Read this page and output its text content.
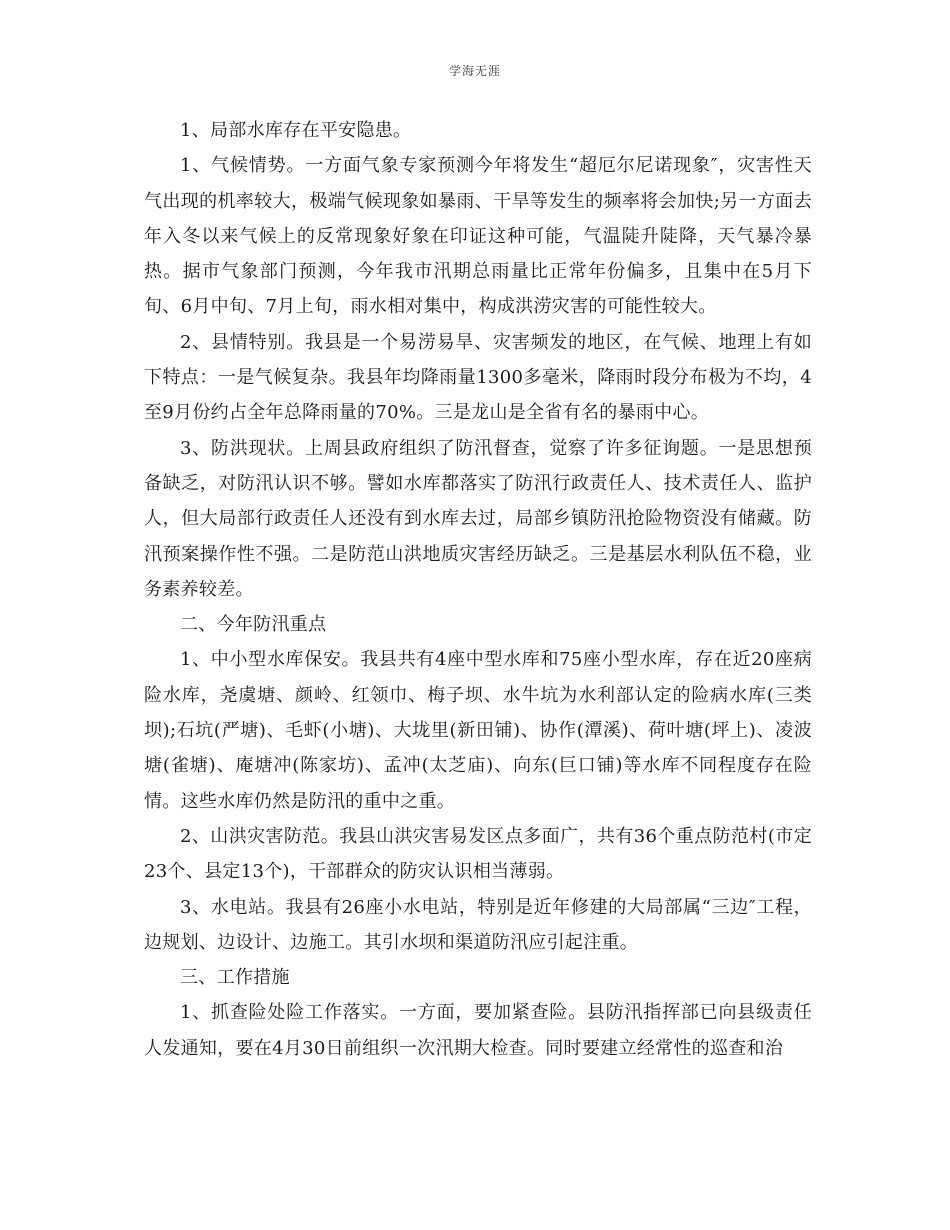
学海无涯

1、局部水库存在平安隐患。

1、气候情势。一方面气象专家预测今年将发生“超厄尔尼诺现象″，灾害性天气出现的机率较大，极端气候现象如暴雨、干旱等发生的频率将会加快;另一方面去年入冬以来气候上的反常现象好象在印证这种可能，气温陡升陡降，天气暴冷暴热。据市气象部门预测，今年我市汛期总雨量比正常年份偏多，且集中在5月下旬、6月中旬、7月上旬，雨水相对集中，构成洪涝灾害的可能性较大。

2、县情特别。我县是一个易涝易旱、灾害频发的地区，在气候、地理上有如下特点：一是气候复杂。我县年均降雨量1300多毫米，降雨时段分布极为不均，4至9月份约占全年总降雨量的70%。三是龙山是全省有名的暴雨中心。

3、防洪现状。上周县政府组织了防汛督查，觉察了许多征询题。一是思想预备缺乏，对防汛认识不够。譬如水库都落实了防汛行政责任人、技术责任人、监护人，但大局部行政责任人还没有到水库去过，局部乡镇防汛抢险物资没有储藏。防汛预案操作性不强。二是防范山洪地质灾害经历缺乏。三是基层水利队伍不稳，业务素养较差。

二、今年防汛重点

1、中小型水库保安。我县共有4座中型水库和75座小型水库，存在近20座病险水库，尧虞塘、颜岭、红领巾、梅子坝、水牛坑为水利部认定的险病水库(三类坝);石坑(严塘)、毛虾(小塘)、大垅里(新田铺)、协作(潭溪)、荷叶塘(坪上)、凌波塘(雀塘)、庵塘冲(陈家坊)、孟冲(太芝庙)、向东(巨口铺)等水库不同程度存在险情。这些水库仍然是防汛的重中之重。

2、山洪灾害防范。我县山洪灾害易发区点多面广，共有36个重点防范村(市定23个、县定13个)，干部群众的防灾认识相当薄弱。

3、水电站。我县有26座小水电站，特别是近年修建的大局部属“三边″工程，边规划、边设计、边施工。其引水坝和渠道防汛应引起注重。

三、工作措施

1、抓查险处险工作落实。一方面，要加紧查险。县防汛指挥部已向县级责任人发通知，要在4月30日前组织一次汛期大检查。同时要建立经常性的巡查和治
